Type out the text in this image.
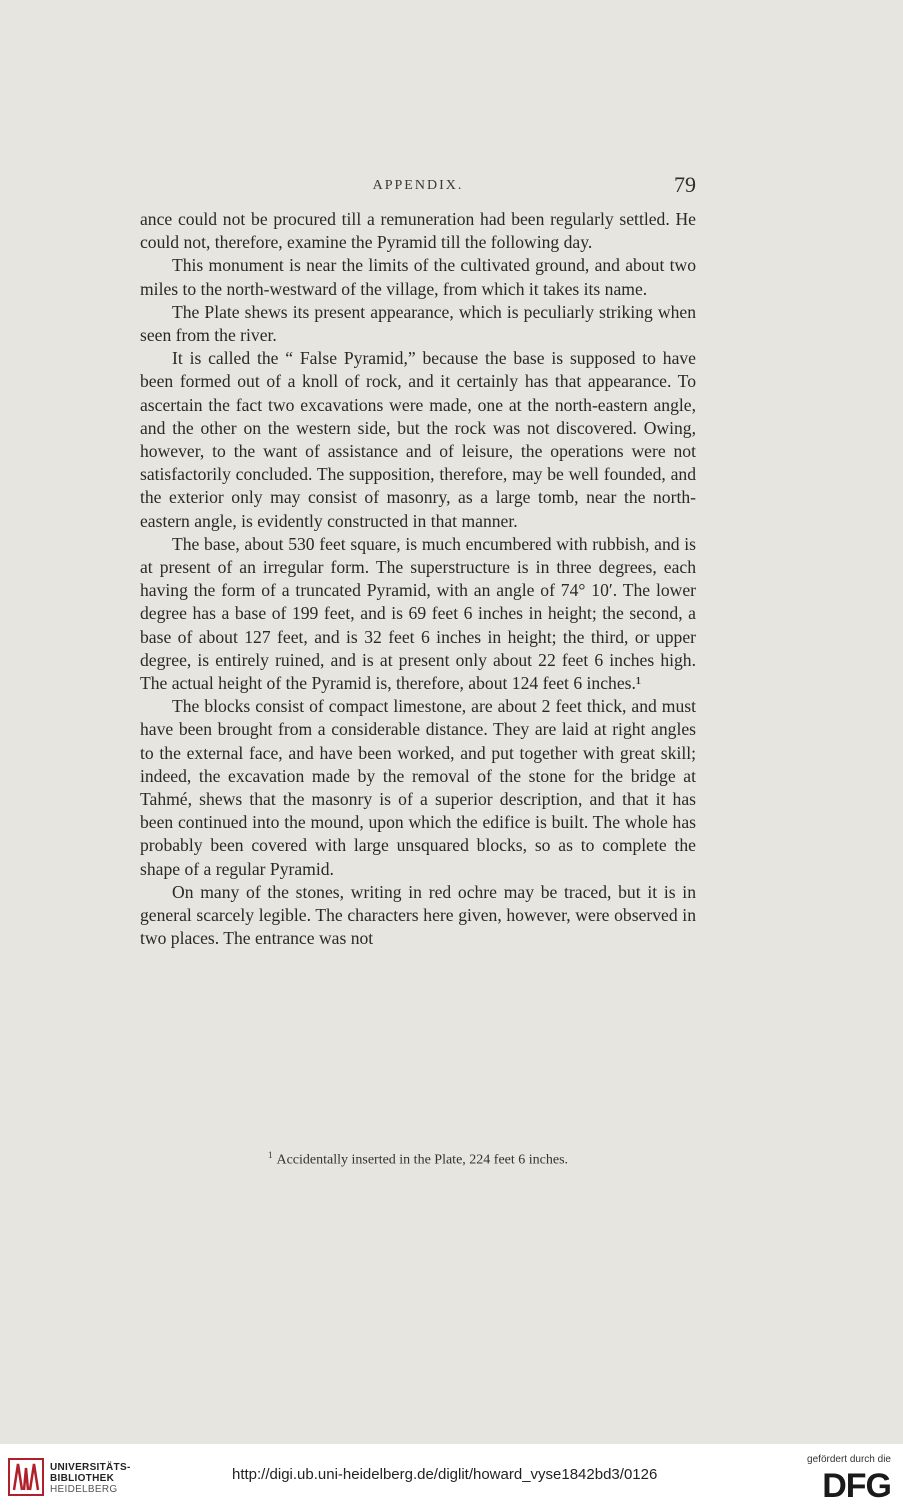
APPENDIX.	79

ance could not be procured till a remuneration had been regularly settled. He could not, therefore, examine the Pyramid till the following day.

This monument is near the limits of the cultivated ground, and about two miles to the north-westward of the village, from which it takes its name.

The Plate shews its present appearance, which is peculiarly striking when seen from the river.

It is called the “ False Pyramid,” because the base is supposed to have been formed out of a knoll of rock, and it certainly has that appearance. To ascertain the fact two excavations were made, one at the north-eastern angle, and the other on the western side, but the rock was not discovered. Owing, however, to the want of assistance and of leisure, the operations were not satisfactorily concluded. The supposition, therefore, may be well founded, and the exterior only may consist of masonry, as a large tomb, near the north-eastern angle, is evidently constructed in that manner.

The base, about 530 feet square, is much encumbered with rubbish, and is at present of an irregular form. The superstructure is in three degrees, each having the form of a truncated Pyramid, with an angle of 74° 10′. The lower degree has a base of 199 feet, and is 69 feet 6 inches in height; the second, a base of about 127 feet, and is 32 feet 6 inches in height; the third, or upper degree, is entirely ruined, and is at present only about 22 feet 6 inches high. The actual height of the Pyramid is, therefore, about 124 feet 6 inches.¹

The blocks consist of compact limestone, are about 2 feet thick, and must have been brought from a considerable distance. They are laid at right angles to the external face, and have been worked, and put together with great skill; indeed, the excavation made by the removal of the stone for the bridge at Tahmé, shews that the masonry is of a superior description, and that it has been continued into the mound, upon which the edifice is built. The whole has probably been covered with large unsquared blocks, so as to complete the shape of a regular Pyramid.

On many of the stones, writing in red ochre may be traced, but it is in general scarcely legible. The characters here given, however, were observed in two places. The entrance was not

$^1$ Accidentally inserted in the Plate, 224 feet 6 inches.
UNIVERSITÄTS-
BIBLIOTHEK
HEIDELBERG
http://digi.ub.uni-heidelberg.de/diglit/howard_vyse1842bd3/0126
gefördert durch die
DFG
